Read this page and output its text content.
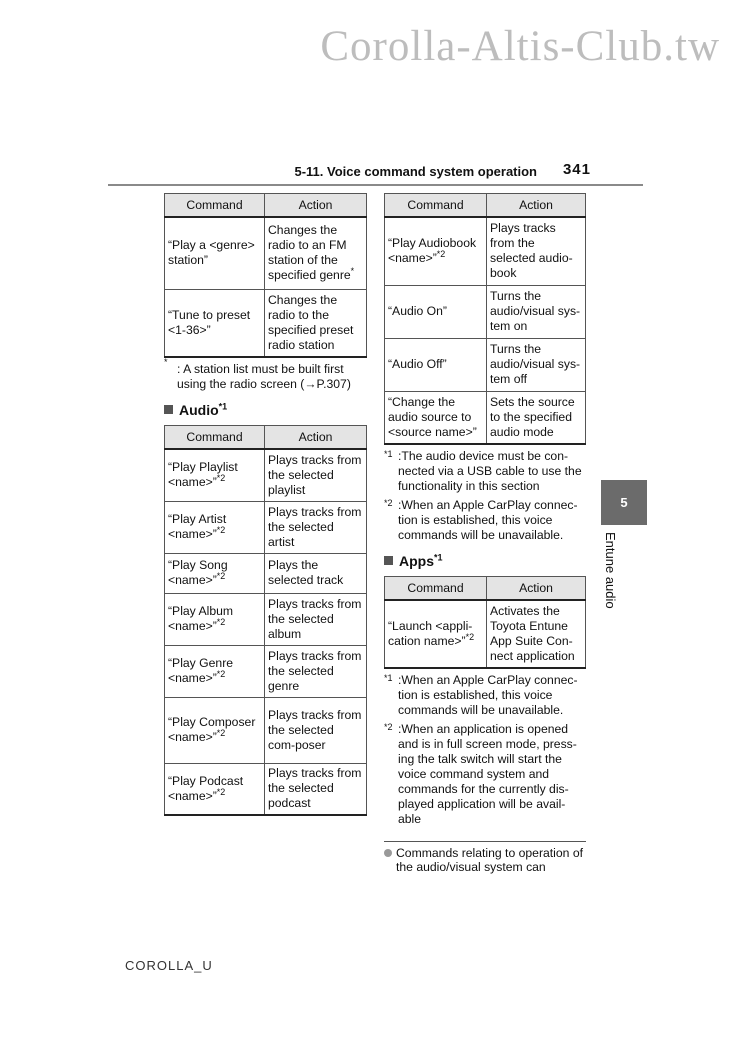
Corolla-Altis-Club.tw
5-11. Voice command system operation 341
Command	Action
“Play a <genre> station”	Changes the radio to an FM station of the specified genre*
“Tune to preset <1-36>”	Changes the radio to the specified preset radio station
* : A station list must be built first using the radio screen (→P.307)
Audio$^{*1}$
Command	Action
“Play Playlist <name>”$^{*2}$	Plays tracks from the selected playlist
“Play Artist <name>”$^{*2}$	Plays tracks from the selected artist
“Play Song <name>”$^{*2}$	Plays the selected track
“Play Album <name>”$^{*2}$	Plays tracks from the selected album
“Play Genre <name>”$^{*2}$	Plays tracks from the selected genre
“Play Composer <name>”$^{*2}$	Plays tracks from the selected com-poser
“Play Podcast <name>”$^{*2}$	Plays tracks from the selected podcast
Command	Action
“Play Audiobook <name>”$^{*2}$	Plays tracks from the selected audio-book
“Audio On”	Turns the audio/visual sys-tem on
“Audio Off”	Turns the audio/visual sys-tem off
“Change the audio source to <source name>”	Sets the source to the specified audio mode
*1 :The audio device must be con-nected via a USB cable to use the functionality in this section
*2 :When an Apple CarPlay connec-tion is established, this voice commands will be unavailable.
Apps$^{*1}$
Command	Action
“Launch <appli-cation name>”$^{*2}$	Activates the Toyota Entune App Suite Con-nect application
*1 :When an Apple CarPlay connec-tion is established, this voice commands will be unavailable.
*2 :When an application is opened and is in full screen mode, press-ing the talk switch will start the voice command system and commands for the currently dis-played application will be avail-able
Commands relating to operation of the audio/visual system can
5
Entune audio
COROLLA_U
